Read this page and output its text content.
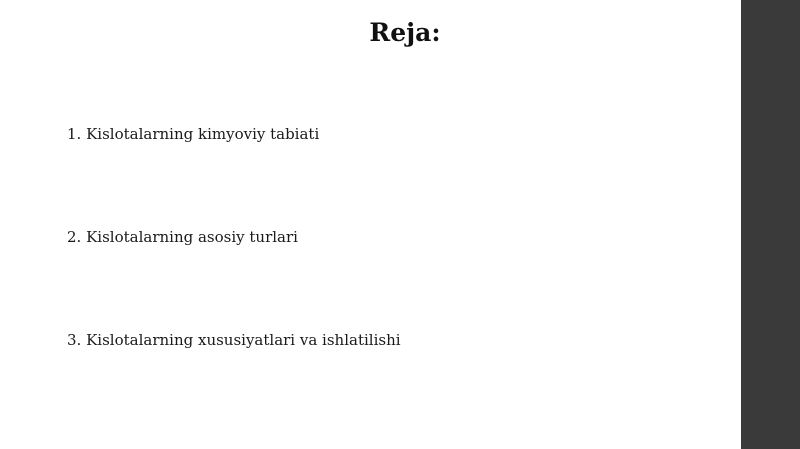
Reja:
1. Kislotalarning kimyoviy tabiati
2. Kislotalarning asosiy turlari
3. Kislotalarning xususiyatlari va ishlatilishi
